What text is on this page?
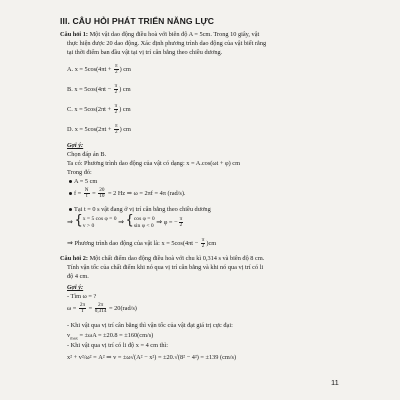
III. CÂU HỎI PHÁT TRIỂN NĂNG LỰC
Câu hỏi 1: Một vật dao động điều hoà với biên độ A = 5cm. Trong 10 giây, vật
thực hiện được 20 dao động. Xác định phương trình dao động của vật biết rằng
tại thời điểm ban đầu vật tại vị trí cân bằng theo chiều dương.
A. $x = 5\cos(4\pi t + \frac{\pi}{2}$ ) cm
B. $x = 5\cos(4\pi t - \frac{\pi}{2}$ ) cm
C. $x = 5\cos(2\pi t + \frac{\pi}{2}$ ) cm
D. $x = 5\cos(2\pi t + \frac{\pi}{2}$ ) cm
Gợi ý:
Chọn đáp án B.
Ta có: Phương trình dao động của vật có dạng: x = A.cos(ωt + φ) cm
Trong đó:
A = 5 cm
$f = \frac{N}{t} = \frac{20}{10} = 2$ Hz ⇒ ω = 2πf = 4π (rad/s).
Tại t = 0 s vật đang ở vị trí cân bằng theo chiều dương
⇒ { x = 5 cos φ = 0
v > 0	⇒ { cos φ = 0
sin φ < 0 ⇒ φ = − $\frac{\pi}{2}$
⇒ Phương trình dao động của vật là: $x = 5\cos(4\pi t - \frac{\pi}{2} )cm$
Câu hỏi 2: Một chất điểm dao động điều hoà với chu kì 0,314 s và biên độ 8 cm.
Tính vận tốc của chất điểm khi nó qua vị trí cân bằng và khi nó qua vị trí có li
độ 4 cm.
Gợi ý:
- Tìm ω = ?
$\omega = \frac{2\pi}{T} = \frac{2\pi}{0,314} = 20(rad/s)$
- Khi vật qua vị trí cân bằng thì vận tốc của vật đạt giá trị cực đại:
$v_{max} = \pm\omega A = \pm 20.8 = \pm 160(cm/s)$
- Khi vật qua vị trí có li độ x = 4 cm thì:
x² + v²/ω² = A² ⇒ v = ±ω√(A² − x²) = ±20.√(8² − 4²) = ±139 (cm/s)
11
